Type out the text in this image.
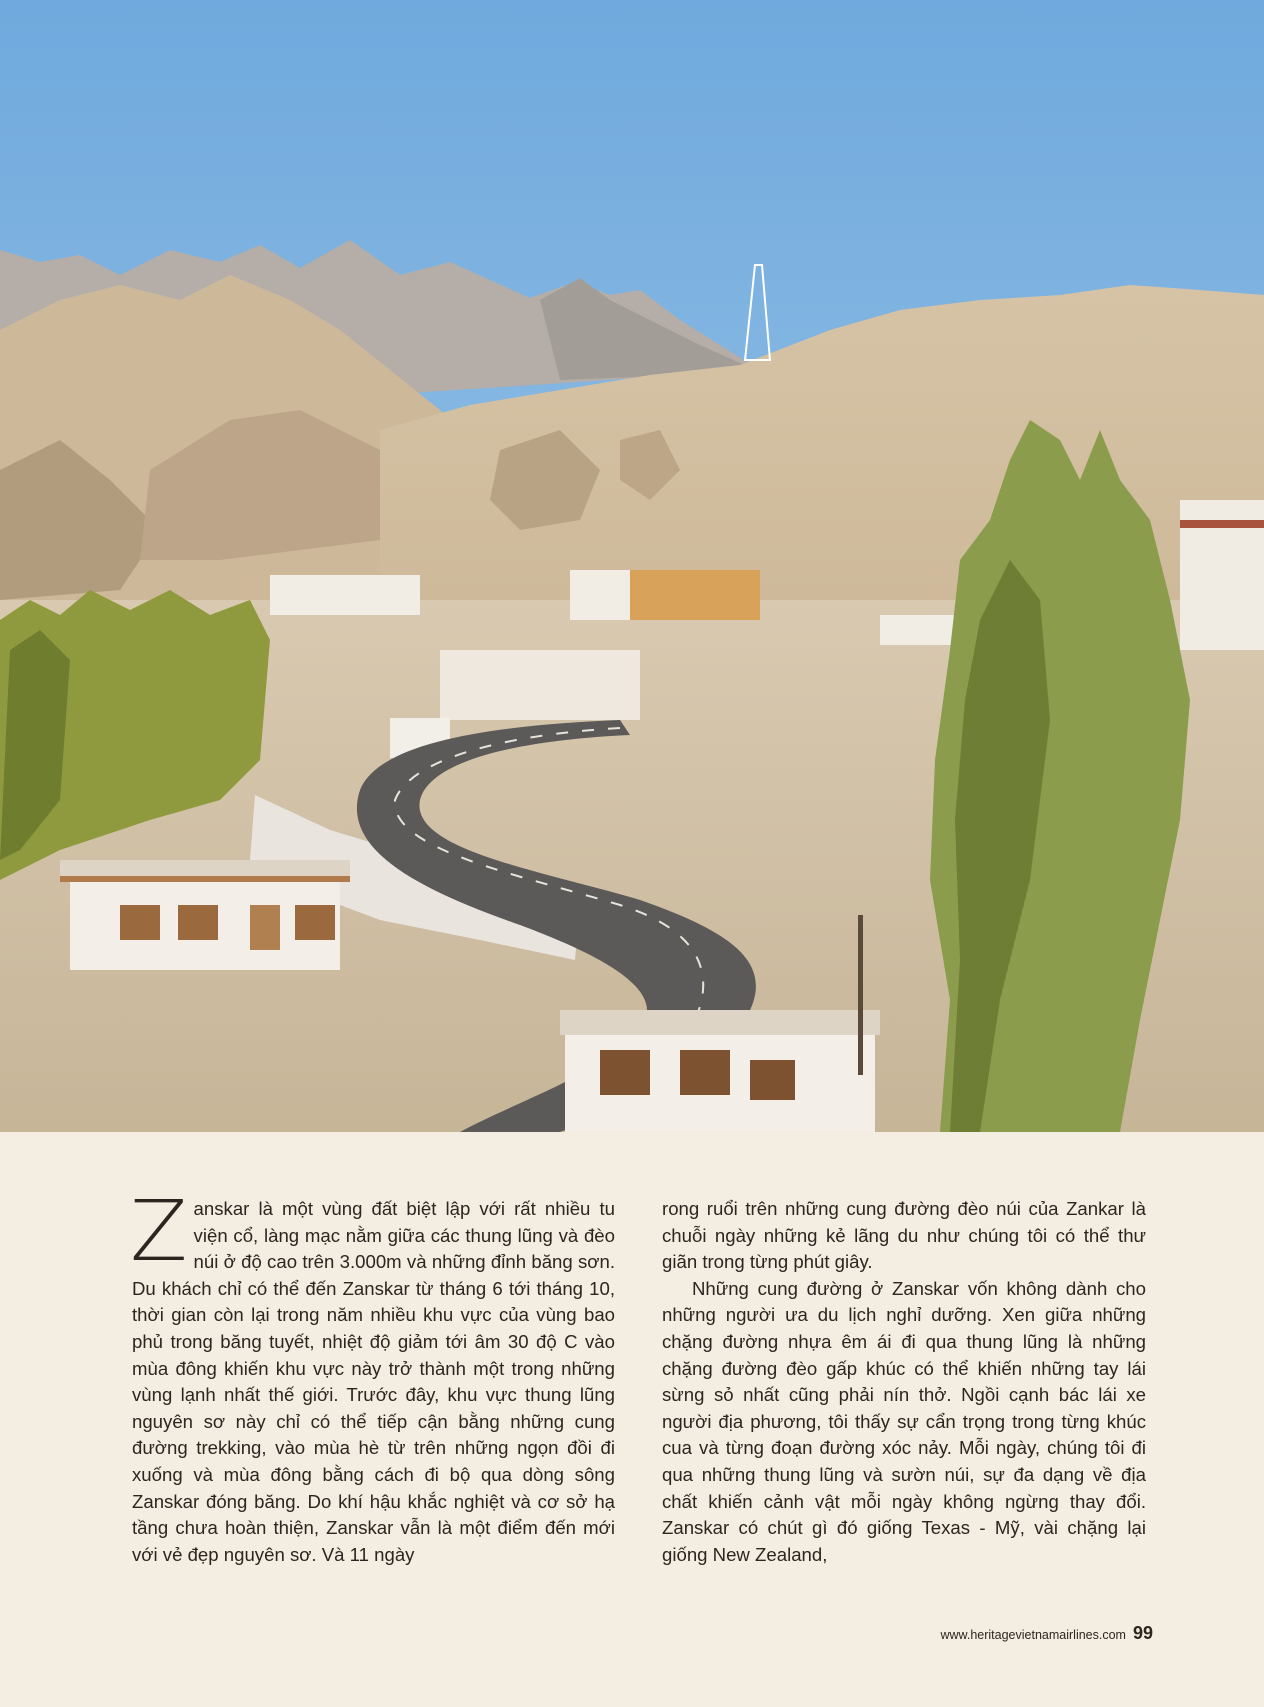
Zanskar là một vùng đất biệt lập với rất nhiều tu viện cổ, làng mạc nằm giữa các thung lũng và đèo núi ở độ cao trên 3.000m và những đỉnh băng sơn. Du khách chỉ có thể đến Zanskar từ tháng 6 tới tháng 10, thời gian còn lại trong năm nhiều khu vực của vùng bao phủ trong băng tuyết, nhiệt độ giảm tới âm 30 độ C vào mùa đông khiến khu vực này trở thành một trong những vùng lạnh nhất thế giới. Trước đây, khu vực thung lũng nguyên sơ này chỉ có thể tiếp cận bằng những cung đường trekking, vào mùa hè từ trên những ngọn đồi đi xuống và mùa đông bằng cách đi bộ qua dòng sông Zanskar đóng băng. Do khí hậu khắc nghiệt và cơ sở hạ tầng chưa hoàn thiện, Zanskar vẫn là một điểm đến mới với vẻ đẹp nguyên sơ. Và 11 ngày

rong ruổi trên những cung đường đèo núi của Zankar là chuỗi ngày những kẻ lãng du như chúng tôi có thể thư giãn trong từng phút giây.

Những cung đường ở Zanskar vốn không dành cho những người ưa du lịch nghỉ dưỡng. Xen giữa những chặng đường nhựa êm ái đi qua thung lũng là những chặng đường đèo gấp khúc có thể khiến những tay lái sừng sỏ nhất cũng phải nín thở. Ngồi cạnh bác lái xe người địa phương, tôi thấy sự cẩn trọng trong từng khúc cua và từng đoạn đường xóc nảy. Mỗi ngày, chúng tôi đi qua những thung lũng và sườn núi, sự đa dạng về địa chất khiến cảnh vật mỗi ngày không ngừng thay đổi. Zanskar có chút gì đó giống Texas - Mỹ, vài chặng lại giống New Zealand,

www.heritagevietnamairlines.com 99
